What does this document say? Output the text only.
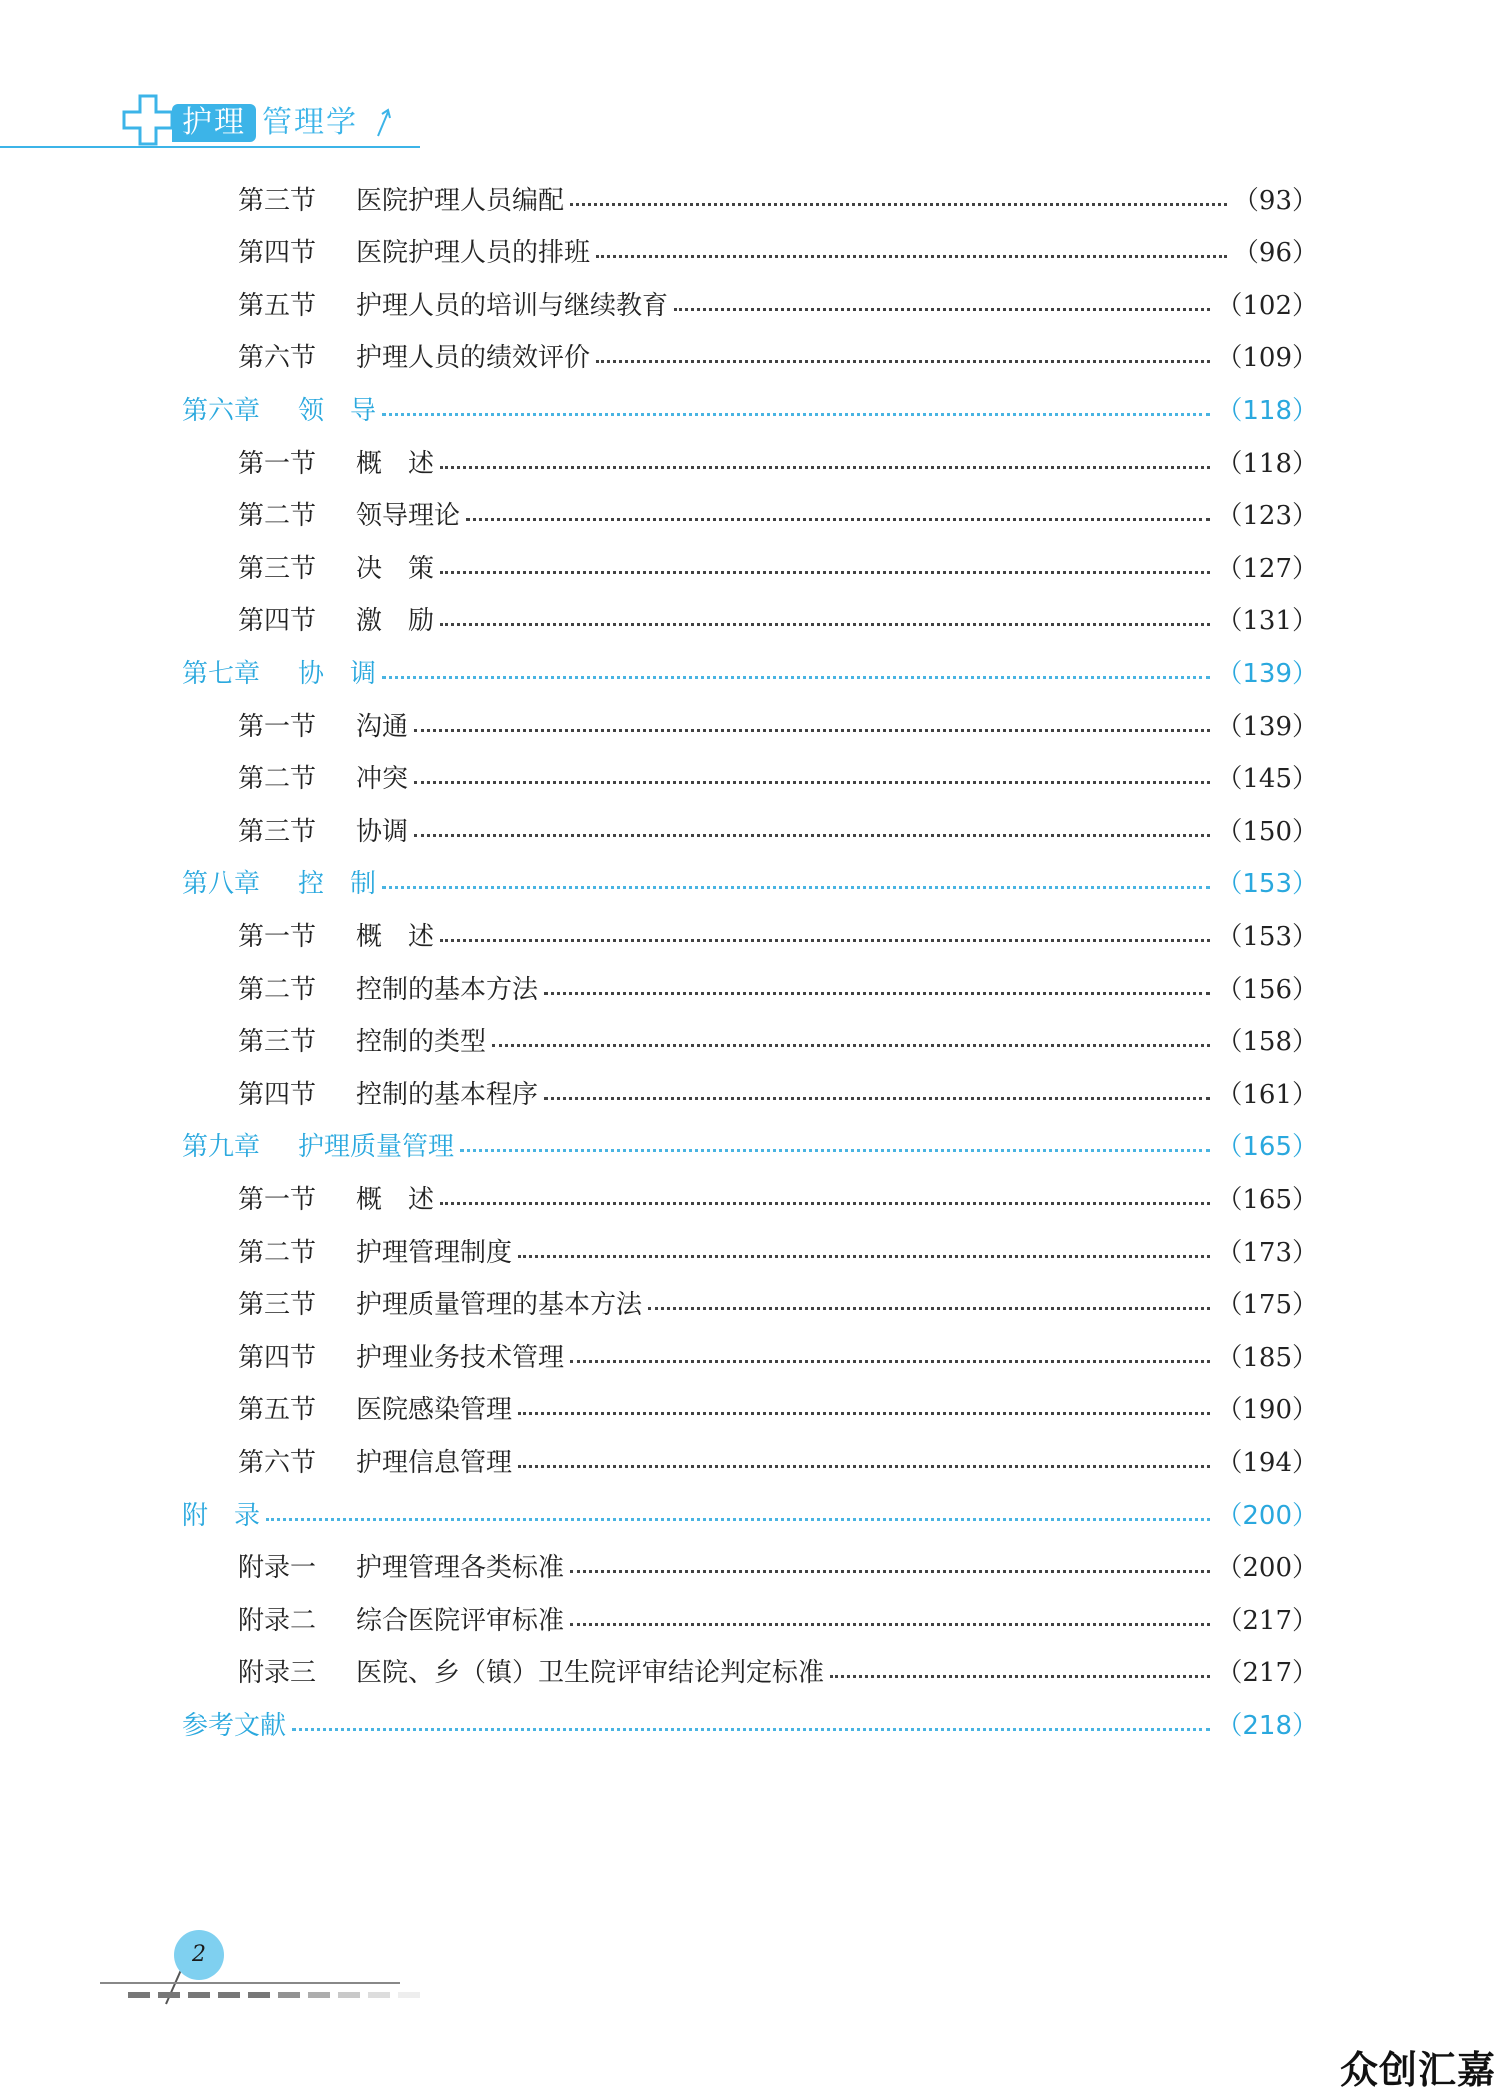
护理 管理学
第三节	医院护理人员编配	（93）
第四节	医院护理人员的排班	（96）
第五节	护理人员的培训与继续教育	（102）
第六节	护理人员的绩效评价	（109）
第六章	领　导	（118）
第一节	概　述	（118）
第二节	领导理论	（123）
第三节	决　策	（127）
第四节	激　励	（131）
第七章	协　调	（139）
第一节	沟通	（139）
第二节	冲突	（145）
第三节	协调	（150）
第八章	控　制	（153）
第一节	概　述	（153）
第二节	控制的基本方法	（156）
第三节	控制的类型	（158）
第四节	控制的基本程序	（161）
第九章	护理质量管理	（165）
第一节	概　述	（165）
第二节	护理管理制度	（173）
第三节	护理质量管理的基本方法	（175）
第四节	护理业务技术管理	（185）
第五节	医院感染管理	（190）
第六节	护理信息管理	（194）
附　录	（200）
附录一	护理管理各类标准	（200）
附录二	综合医院评审标准	（217）
附录三	医院、乡（镇）卫生院评审结论判定标准	（217）
参考文献	（218）
2
众创汇嘉
